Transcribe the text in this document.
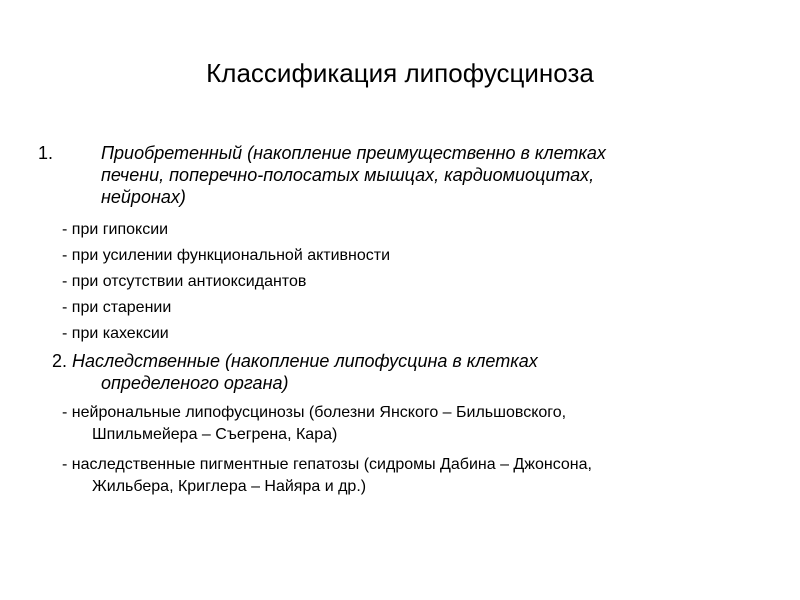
Классификация липофусциноза
1.	Приобретенный (накопление преимущественно в клетках
печени, поперечно-полосатых мышцах, кардиомиоцитах,
нейронах)
- при гипоксии
- при усилении функциональной активности
- при отсутствии антиоксидантов
- при старении
- при кахексии
2. Наследственные (накопление липофусцина в клетках
определеного органа)
- нейрональные липофусцинозы (болезни Янского – Бильшовского,
Шпильмейера – Съегрена, Кара)
- наследственные пигментные гепатозы (сидромы Дабина – Джонсона,
Жильбера, Криглера – Найяра и др.)
